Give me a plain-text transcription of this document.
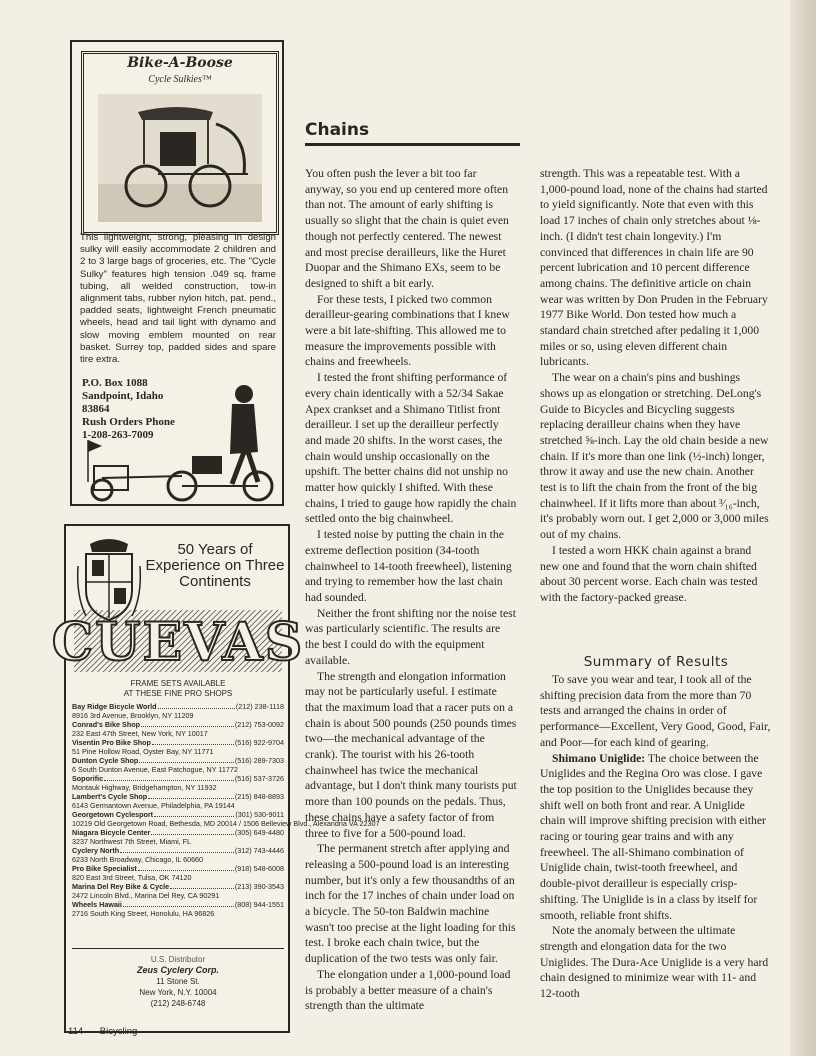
Bike-A-Boose
Cycle Sulkies™
This lightweight, strong, pleasing in design sulky will easily accommodate 2 children and 2 to 3 large bags of groceries, etc. The "Cycle Sulky" features high tension .049 sq. frame tubing, all welded construction, tow-in alignment tabs, rubber nylon hitch, pat. pend., padded seats, lightweight French pneumatic wheels, head and tail light with dynamo and slow moving emblem mounted on rear basket. Surrey top, padded sides and spare tire extra.
P.O. Box 1088
Sandpoint, Idaho 83864
Rush Orders Phone
1-208-263-7009
50 Years of Experience on Three Continents
CUEVAS
FRAME SETS AVAILABLE
AT THESE FINE PRO SHOPS
Bay Ridge Bicycle World	(212) 238-1118
8916 3rd Avenue, Brooklyn, NY 11209
Conrad's Bike Shop	(212) 753-0092
232 East 47th Street, New York, NY 10017
Visentin Pro Bike Shop	(516) 922-9704
51 Pine Hollow Road, Oyster Bay, NY 11771
Dunton Cycle Shop	(516) 289-7303
6 South Dunton Avenue, East Patchogue, NY 11772
Soporific	(516) 537-3726
Montauk Highway, Bridgehampton, NY 11932
Lambert's Cycle Shop	(215) 848-8893
6143 Germantown Avenue, Philadelphia, PA 19144
Georgetown Cyclesport	(301) 530-9011
10219 Old Georgetown Road, Bethesda, MD 20014 / 1506 Belleview Blvd., Alexandria VA 22307
Niagara Bicycle Center	(305) 649-4480
3237 Northwest 7th Street, Miami, FL
Cyclery North	(312) 743-4446
6233 North Broadway, Chicago, IL 60660
Pro Bike Specialist	(918) 548-6008
820 East 3rd Street, Tulsa, OK 74120
Marina Del Rey Bike & Cycle	(213) 390-3543
2472 Lincoln Blvd., Marina Del Rey, CA 90291
Wheels Hawaii	(808) 944-1551
2716 South King Street, Honolulu, HA 96826
U.S. Distributor
Zeus Cyclery Corp.
11 Stone St.
New York, N.Y. 10004
(212) 248-6748
Chains

You often push the lever a bit too far anyway, so you end up centered more often than not. The amount of early shifting is usually so slight that the chain is quiet even though not perfectly centered. The newest and most precise derailleurs, like the Huret Duopar and the Shimano EXs, seem to be designed to shift a bit early.

For these tests, I picked two common derailleur-gearing combinations that I knew were a bit late-shifting. This allowed me to measure the improvements possible with chains and freewheels.

I tested the front shifting performance of every chain identically with a 52/34 Sakae Apex crankset and a Shimano Titlist front derailleur. I set up the derailleur perfectly and made 20 shifts. In the worst cases, the chain would unship occasionally on the upshift. The better chains did not unship no matter how quickly I shifted. With these chains, I tried to gauge how rapidly the chain settled onto the big chainwheel.

I tested noise by putting the chain in the extreme deflection position (34-tooth chainwheel to 14-tooth freewheel), listening and trying to remember how the last chain had sounded.

Neither the front shifting nor the noise test was particularly scientific. The results are the best I could do with the equipment available.

The strength and elongation information may not be particularly useful. I estimate that the maximum load that a racer puts on a chain is about 500 pounds (250 pounds times two—the mechanical advantage of the crank). The tourist with his 26-tooth chainwheel has twice the mechanical advantage, but I don't think many tourists put more than 100 pounds on the pedals. Thus, these chains have a safety factor of from three to five for a 500-pound load.

The permanent stretch after applying and releasing a 500-pound load is an interesting number, but it's only a few thousandths of an inch for the 17 inches of chain under load on a bicycle. The 50-ton Baldwin machine wasn't too precise at the light loading for this test. I broke each chain twice, but the duplication of the two tests was only fair.

The elongation under a 1,000-pound load is probably a better measure of a chain's strength than the ultimate

strength. This was a repeatable test. With a 1,000-pound load, none of the chains had started to yield significantly. Note that even with this load 17 inches of chain only stretches about ⅛-inch. (I didn't test chain longevity.) I'm convinced that differences in chain life are 90 percent lubrication and 10 percent difference among chains. The definitive article on chain wear was written by Don Pruden in the February 1977 Bike World. Don tested how much a standard chain stretched after pedaling it 1,000 miles or so, using eleven different chain lubricants.

The wear on a chain's pins and bushings shows up as elongation or stretching. DeLong's Guide to Bicycles and Bicycling suggests replacing derailleur chains when they have stretched ⅝-inch. Lay the old chain beside a new chain. If it's more than one link (½-inch) longer, throw it away and use the new chain. Another test is to lift the chain from the front of the big chainwheel. If it lifts more than about ³⁄₁₆-inch, it's probably worn out. I get 2,000 or 3,000 miles out of my chains.

I tested a worn HKK chain against a brand new one and found that the worn chain shifted about 30 percent worse. Each chain was tested with the factory-packed grease.

Summary of Results

To save you wear and tear, I took all of the shifting precision data from the more than 70 tests and arranged the chains in order of performance—Excellent, Very Good, Good, Fair, and Poor—for each kind of gearing.

Shimano Uniglide: The choice between the Uniglides and the Regina Oro was close. I gave the top position to the Uniglides because they shift well on both front and rear. A Uniglide chain will improve shifting precision with either racing or touring gear trains and with any freewheel. The all-Shimano combination of Uniglide chain, twist-tooth freewheel, and double-pivot derailleur is especially crisp-shifting. The Uniglide is in a class by itself for smooth, reliable front shifts.

Note the anomaly between the ultimate strength and elongation data for the two Uniglides. The Dura-Ace Uniglide is a very hard chain designed to minimize wear with 11- and 12-tooth

114 Bicycling
